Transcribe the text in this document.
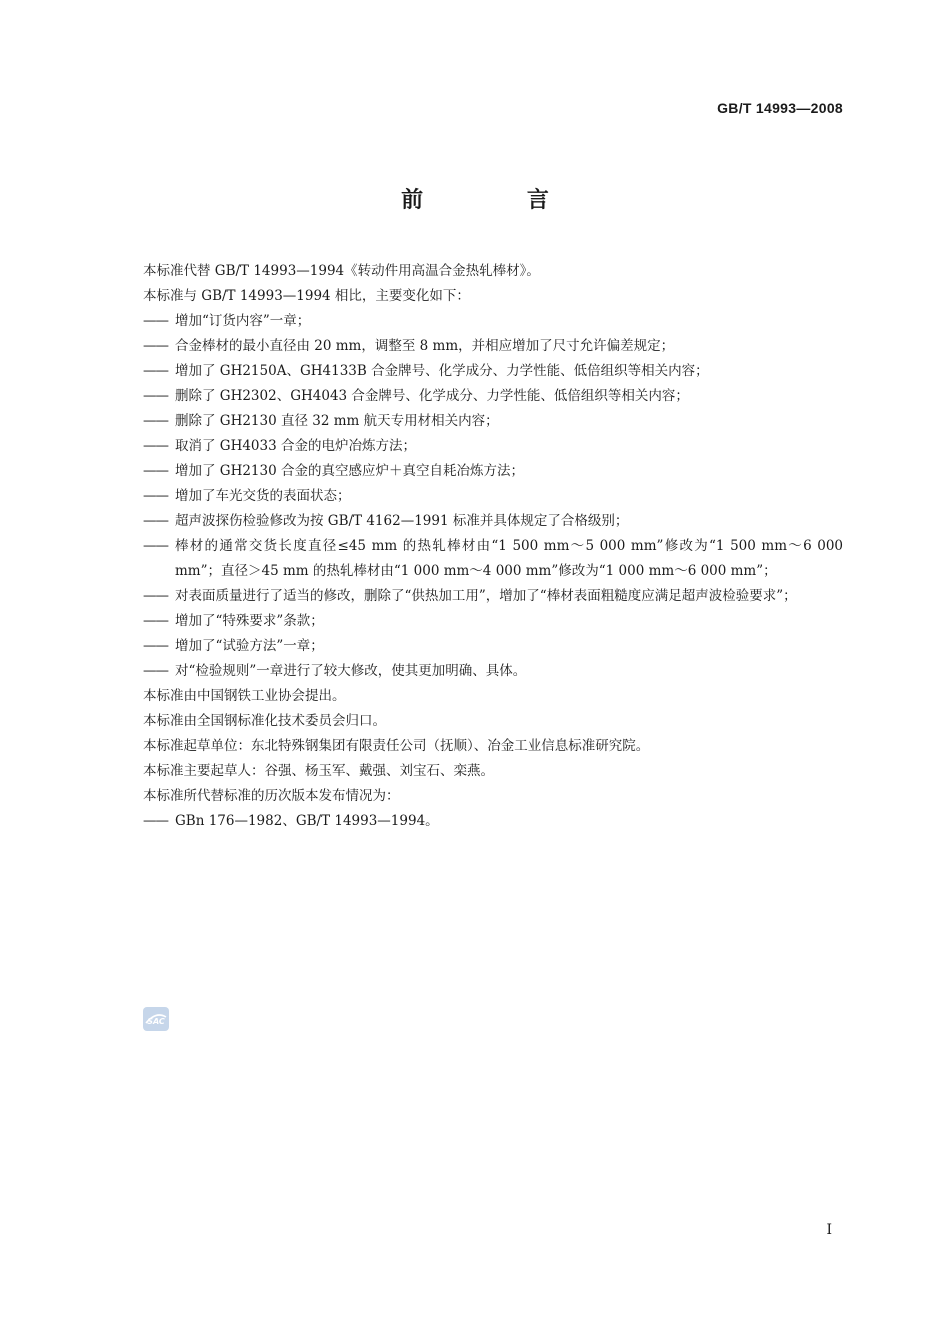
GB/T 14993—2008
前 言
本标准代替 GB/T 14993—1994《转动件用高温合金热轧棒材》。
本标准与 GB/T 14993—1994 相比，主要变化如下：
—— 增加“订货内容”一章；
—— 合金棒材的最小直径由 20 mm，调整至 8 mm，并相应增加了尺寸允许偏差规定；
—— 增加了 GH2150A、GH4133B 合金牌号、化学成分、力学性能、低倍组织等相关内容；
—— 删除了 GH2302、GH4043 合金牌号、化学成分、力学性能、低倍组织等相关内容；
—— 删除了 GH2130 直径 32 mm 航天专用材相关内容；
—— 取消了 GH4033 合金的电炉冶炼方法；
—— 增加了 GH2130 合金的真空感应炉＋真空自耗冶炼方法；
—— 增加了车光交货的表面状态；
—— 超声波探伤检验修改为按 GB/T 4162—1991 标准并具体规定了合格级别；
—— 棒材的通常交货长度直径≤45 mm 的热轧棒材由“1 500 mm～5 000 mm”修改为“1 500 mm～6 000 mm”；直径＞45 mm 的热轧棒材由“1 000 mm～4 000 mm”修改为“1 000 mm～6 000 mm”；
—— 对表面质量进行了适当的修改，删除了“供热加工用”，增加了“棒材表面粗糙度应满足超声波检验要求”；
—— 增加了“特殊要求”条款；
—— 增加了“试验方法”一章；
—— 对“检验规则”一章进行了较大修改，使其更加明确、具体。
本标准由中国钢铁工业协会提出。
本标准由全国钢标准化技术委员会归口。
本标准起草单位：东北特殊钢集团有限责任公司（抚顺）、冶金工业信息标准研究院。
本标准主要起草人：谷强、杨玉军、戴强、刘宝石、栾燕。
本标准所代替标准的历次版本发布情况为：
—— GBn 176—1982、GB/T 14993—1994。
SAC
I
